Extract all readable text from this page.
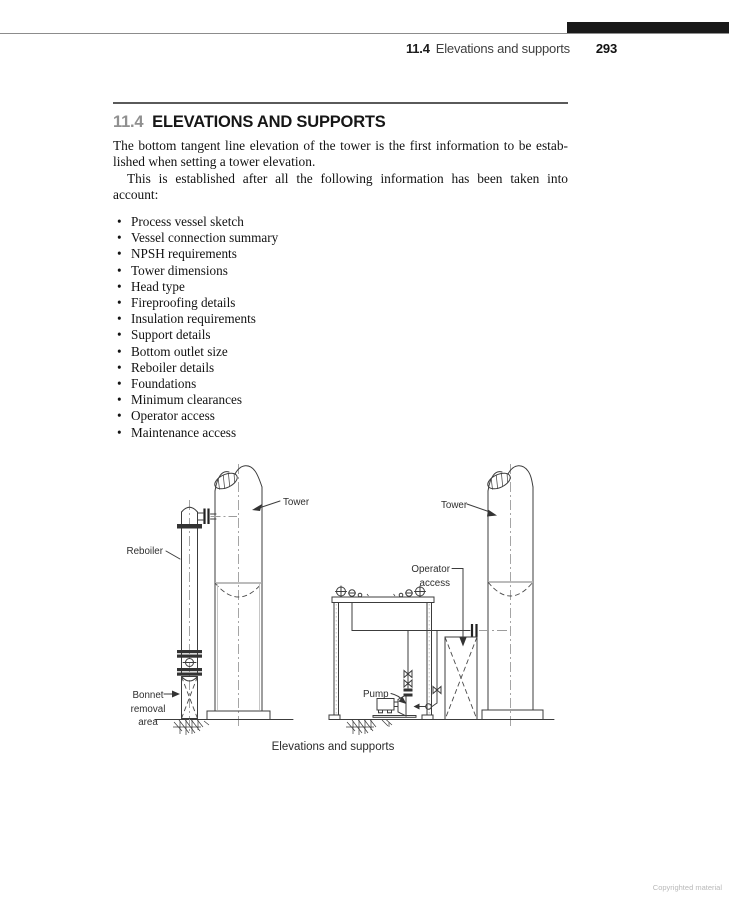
11.4 Elevations and supports 293
11.4 ELEVATIONS AND SUPPORTS
The bottom tangent line elevation of the tower is the first information to be estab-
lished when setting a tower elevation.
This is established after all the following information has been taken into
account:
• Process vessel sketch
• Vessel connection summary
• NPSH requirements
• Tower dimensions
• Head type
• Fireproofing details
• Insulation requirements
• Support details
• Bottom outlet size
• Reboiler details
• Foundations
• Minimum clearances
• Operator access
• Maintenance access
Reboiler
Tower
Bonnet
removal
area
Tower
Operator
access
Pump
Elevations and supports
Copyrighted material
